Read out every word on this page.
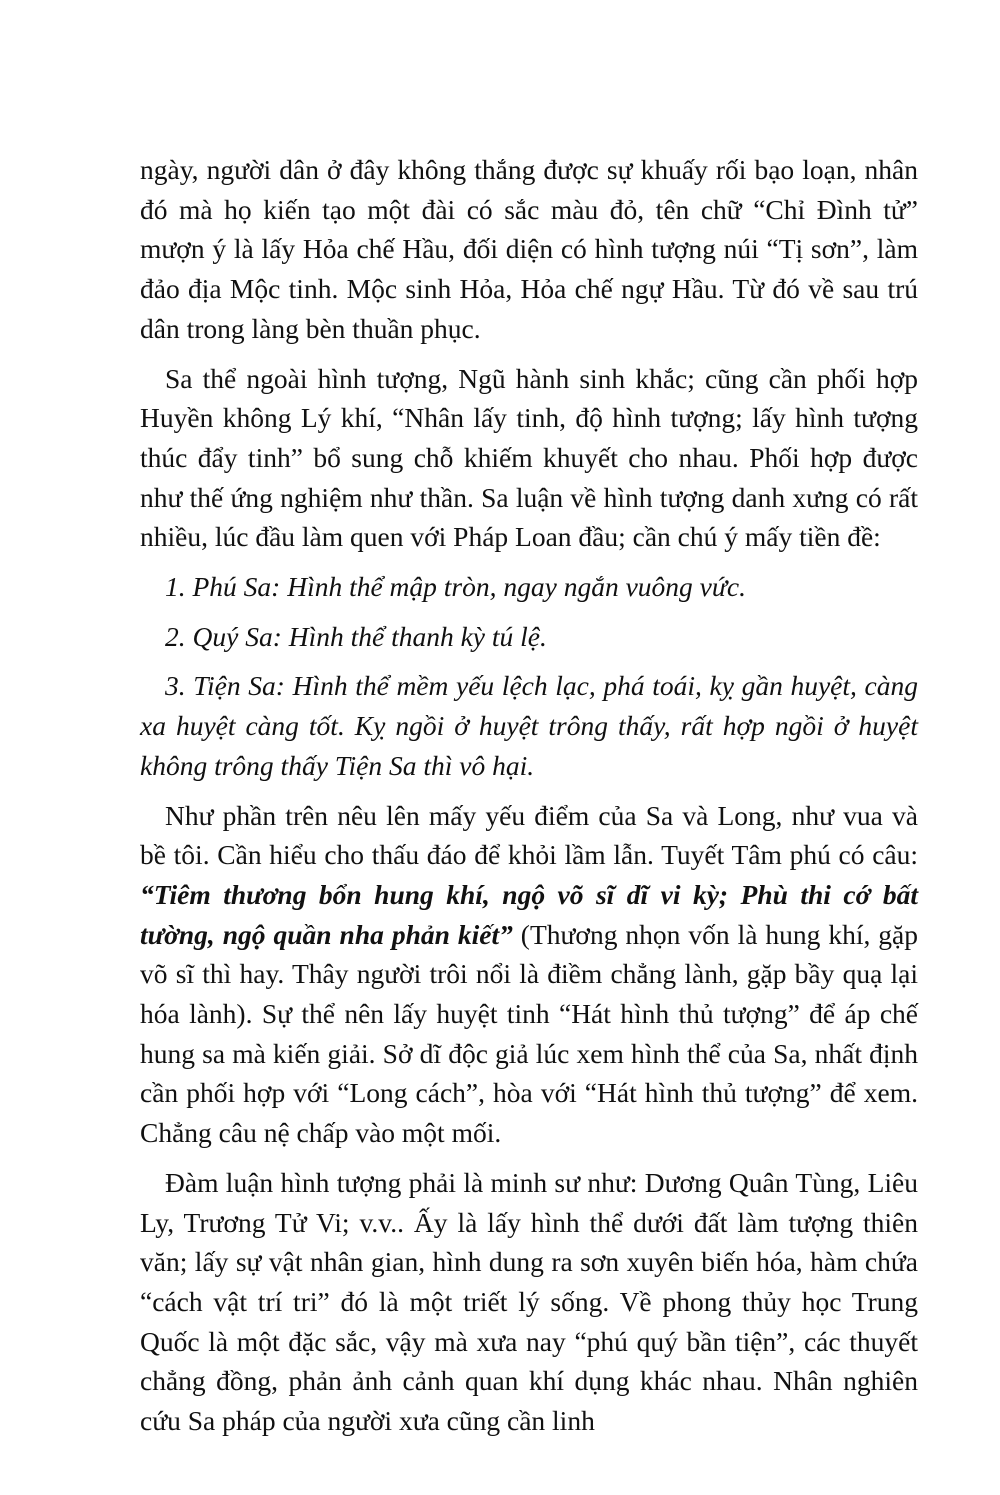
ngày, người dân ở đây không thắng được sự khuấy rối bạo loạn, nhân đó mà họ kiến tạo một đài có sắc màu đỏ, tên chữ “Chỉ Đình tử” mượn ý là lấy Hỏa chế Hầu, đối diện có hình tượng núi “Tị sơn”, làm đảo địa Mộc tinh. Mộc sinh Hỏa, Hỏa chế ngự Hầu. Từ đó về sau trú dân trong làng bèn thuần phục.

Sa thể ngoài hình tượng, Ngũ hành sinh khắc; cũng cần phối hợp Huyền không Lý khí, “Nhân lấy tinh, độ hình tượng; lấy hình tượng thúc đẩy tinh” bổ sung chỗ khiếm khuyết cho nhau. Phối hợp được như thế ứng nghiệm như thần. Sa luận về hình tượng danh xưng có rất nhiều, lúc đầu làm quen với Pháp Loan đầu; cần chú ý mấy tiền đề:

1. Phú Sa: Hình thể mập tròn, ngay ngắn vuông vức.

2. Quý Sa: Hình thể thanh kỳ tú lệ.

3. Tiện Sa: Hình thể mềm yếu lệch lạc, phá toái, kỵ gần huyệt, càng xa huyệt càng tốt. Kỵ ngồi ở huyệt trông thấy, rất hợp ngồi ở huyệt không trông thấy Tiện Sa thì vô hại.

Như phần trên nêu lên mấy yếu điểm của Sa và Long, như vua và bề tôi. Cần hiểu cho thấu đáo để khỏi lầm lẫn. Tuyết Tâm phú có câu: “Tiêm thương bổn hung khí, ngộ võ sĩ dĩ vi kỳ; Phù thi cớ bất tường, ngộ quần nha phản kiết” (Thương nhọn vốn là hung khí, gặp võ sĩ thì hay. Thây người trôi nổi là điềm chẳng lành, gặp bầy quạ lại hóa lành). Sự thể nên lấy huyệt tinh “Hát hình thủ tượng” để áp chế hung sa mà kiến giải. Sở dĩ độc giả lúc xem hình thể của Sa, nhất định cần phối hợp với “Long cách”, hòa với “Hát hình thủ tượng” để xem. Chẳng câu nệ chấp vào một mối.

Đàm luận hình tượng phải là minh sư như: Dương Quân Tùng, Liêu Ly, Trương Tử Vi; v.v.. Ấy là lấy hình thể dưới đất làm tượng thiên văn; lấy sự vật nhân gian, hình dung ra sơn xuyên biến hóa, hàm chứa “cách vật trí tri” đó là một triết lý sống. Về phong thủy học Trung Quốc là một đặc sắc, vậy mà xưa nay “phú quý bần tiện”, các thuyết chẳng đồng, phản ảnh cảnh quan khí dụng khác nhau. Nhân nghiên cứu Sa pháp của người xưa cũng cần linh
